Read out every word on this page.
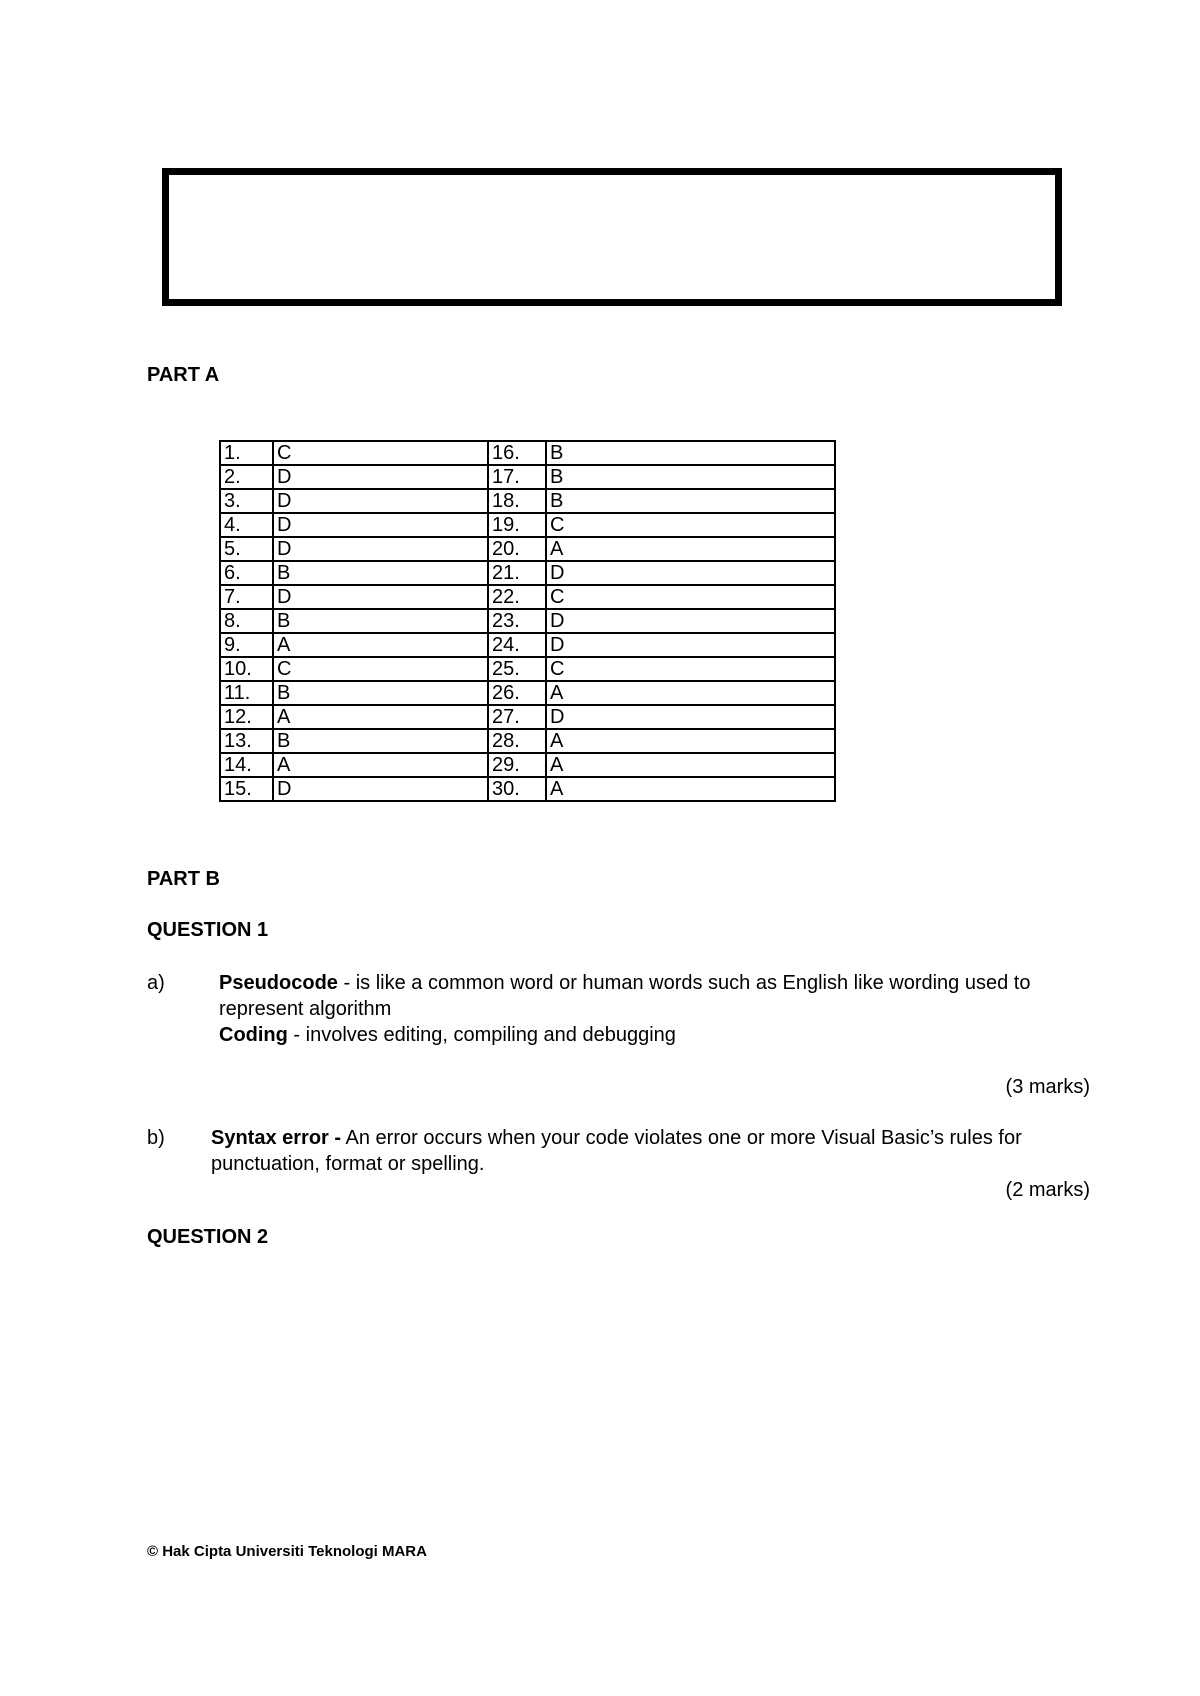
PART A

1.	C	16.	B
2.	D	17.	B
3.	D	18.	B
4.	D	19.	C
5.	D	20.	A
6.	B	21.	D
7.	D	22.	C
8.	B	23.	D
9.	A	24.	D
10.	C	25.	C
11.	B	26.	A
12.	A	27.	D
13.	B	28.	A
14.	A	29.	A
15.	D	30.	A

PART B

QUESTION 1

a)	Pseudocode - is like a common word or human words such as English like wording used to represent algorithm

Coding - involves editing, compiling and debugging

(3 marks)

b) Syntax error - An error occurs when your code violates one or more Visual Basic’s rules for punctuation, format or spelling.

(2 marks)

QUESTION 2

© Hak Cipta Universiti Teknologi MARA
